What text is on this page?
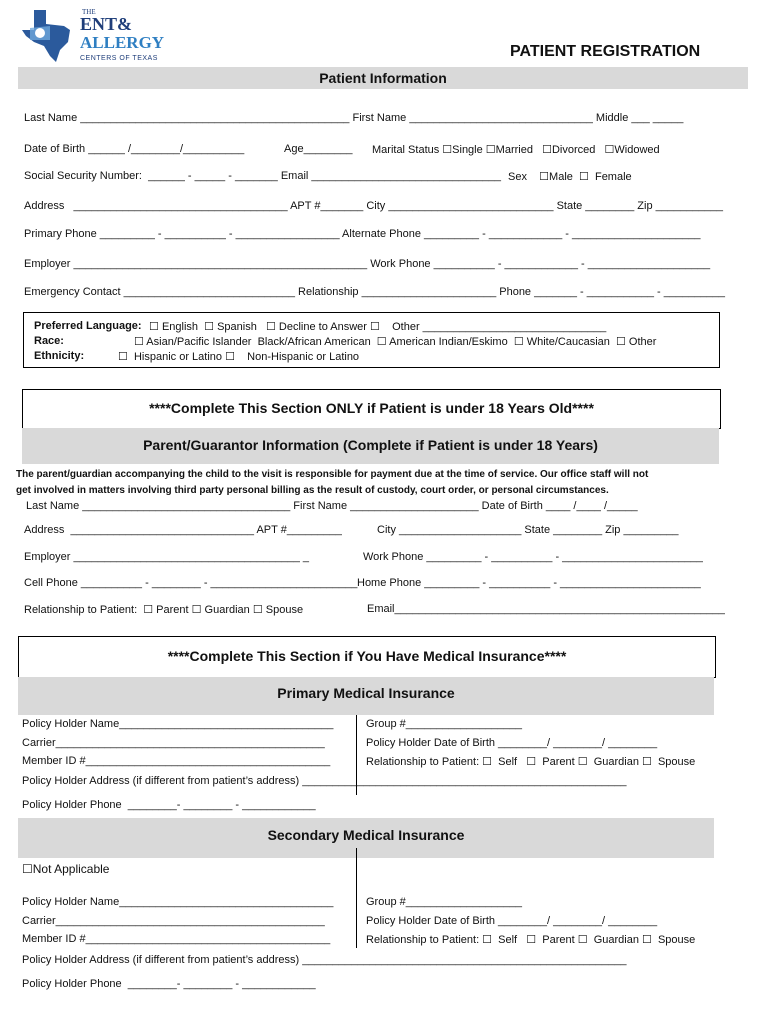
THE
ENT&
ALLERGY
CENTERS OF TEXAS	PATIENT REGISTRATION
Patient Information
Last Name ____________________________________________ First Name ______________________________ Middle ___ _____
Date of Birth ______ /________/__________	Age________ Marital Status ☐Single ☐Married   ☐Divorced   ☐Widowed
Social Security Number:  ______ - _____ - _______ Email _______________________________ Sex    ☐Male  ☐  Female
Address   ___________________________________ APT #_______ City ___________________________ State ________ Zip ___________
Primary Phone _________ - __________ - _________________ Alternate Phone _________ - ____________ - _____________________
Employer ________________________________________________ Work Phone __________ - ____________ - ____________________
Emergency Contact ____________________________ Relationship ______________________ Phone _______ - ___________ - __________
Preferred Language: ☐ English  ☐ Spanish   ☐ Decline to Answer ☐    Other ______________________________
Race:	☐ Asian/Pacific Islander  Black/African American  ☐ American Indian/Eskimo  ☐ White/Caucasian  ☐ Other
Ethnicity:	☐  Hispanic or Latino ☐    Non-Hispanic or Latino
****Complete This Section ONLY if Patient is under 18 Years Old****
Parent/Guarantor Information (Complete if Patient is under 18 Years)
The parent/guardian accompanying the child to the visit is responsible for payment due at the time of service. Our office staff will not
get involved in matters involving third party personal billing as the result of custody, court order, or personal circumstances.
Last Name __________________________________ First Name _____________________ Date of Birth ____ /____ /_____
Address  ______________________________ APT #_________	City ____________________ State ________ Zip _________
Employer _____________________________________ _	Work Phone _________ - __________ - _______________________
Cell Phone __________ - ________ - ________________________ Home Phone _________ - __________ - _______________________
Relationship to Patient:  ☐ Parent ☐ Guardian ☐ Spouse	Email______________________________________________________
****Complete This Section if You Have Medical Insurance****
Primary Medical Insurance
Policy Holder Name___________________________________
Carrier____________________________________________
Member ID #________________________________________
Group #___________________
Policy Holder Date of Birth ________/ ________/ ________
Relationship to Patient: ☐  Self   ☐  Parent ☐  Guardian ☐  Spouse
Policy Holder Address (if different from patient’s address) _____________________________________________________
Policy Holder Phone  ________- ________ - ____________
Secondary Medical Insurance
☐Not Applicable
Policy Holder Name___________________________________
Carrier____________________________________________
Member ID #________________________________________
Group #___________________
Policy Holder Date of Birth ________/ ________/ ________
Relationship to Patient: ☐  Self   ☐  Parent ☐  Guardian ☐  Spouse
Policy Holder Address (if different from patient’s address) _____________________________________________________
Policy Holder Phone  ________- ________ - ____________
